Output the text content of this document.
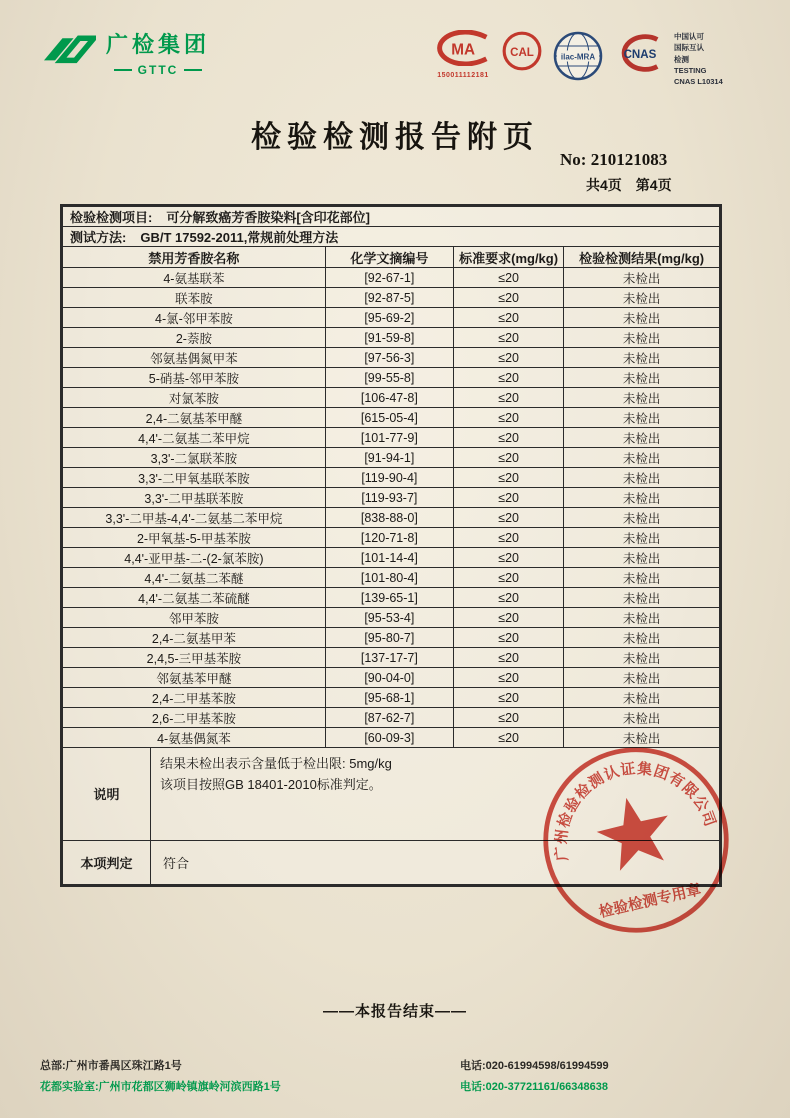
广检集团
GTTC
MA
150011112181
CAL	ilac-MRA CNAS
中国认可
国际互认
检测
TESTING
CNAS L10314
检验检测报告附页
No: 210121083
共4页　第4页
检验检测项目: 可分解致癌芳香胺染料[含印花部位]			
测试方法: GB/T 17592-2011,常规前处理方法			
禁用芳香胺名称	化学文摘编号	标准要求(mg/kg)	检验检测结果(mg/kg)
4-氨基联苯	[92-67-1]	≤20	未检出
联苯胺	[92-87-5]	≤20	未检出
4-氯-邻甲苯胺	[95-69-2]	≤20	未检出
2-萘胺	[91-59-8]	≤20	未检出
邻氨基偶氮甲苯	[97-56-3]	≤20	未检出
5-硝基-邻甲苯胺	[99-55-8]	≤20	未检出
对氯苯胺	[106-47-8]	≤20	未检出
2,4-二氨基苯甲醚	[615-05-4]	≤20	未检出
4,4'-二氨基二苯甲烷	[101-77-9]	≤20	未检出
3,3'-二氯联苯胺	[91-94-1]	≤20	未检出
3,3'-二甲氧基联苯胺	[119-90-4]	≤20	未检出
3,3'-二甲基联苯胺	[119-93-7]	≤20	未检出
3,3'-二甲基-4,4'-二氨基二苯甲烷	[838-88-0]	≤20	未检出
2-甲氧基-5-甲基苯胺	[120-71-8]	≤20	未检出
4,4'-亚甲基-二-(2-氯苯胺)	[101-14-4]	≤20	未检出
4,4'-二氨基二苯醚	[101-80-4]	≤20	未检出
4,4'-二氨基二苯硫醚	[139-65-1]	≤20	未检出
邻甲苯胺	[95-53-4]	≤20	未检出
2,4-二氨基甲苯	[95-80-7]	≤20	未检出
2,4,5-三甲基苯胺	[137-17-7]	≤20	未检出
邻氨基苯甲醚	[90-04-0]	≤20	未检出
2,4-二甲基苯胺	[95-68-1]	≤20	未检出
2,6-二甲基苯胺	[87-62-7]	≤20	未检出
4-氨基偶氮苯	[60-09-3]	≤20	未检出
说明	结果未检出表示含量低于检出限: 5mg/kg
该项目按照GB 18401-2010标准判定。

本项判定	符合
广州检验检测认证集团有限公司
检验检测专用章
——本报告结束——
总部:广州市番禺区珠江路1号	电话:020-61994598/61994599
花都实验室:广州市花都区狮岭镇旗岭河滨西路1号	电话:020-37721161/66348638
